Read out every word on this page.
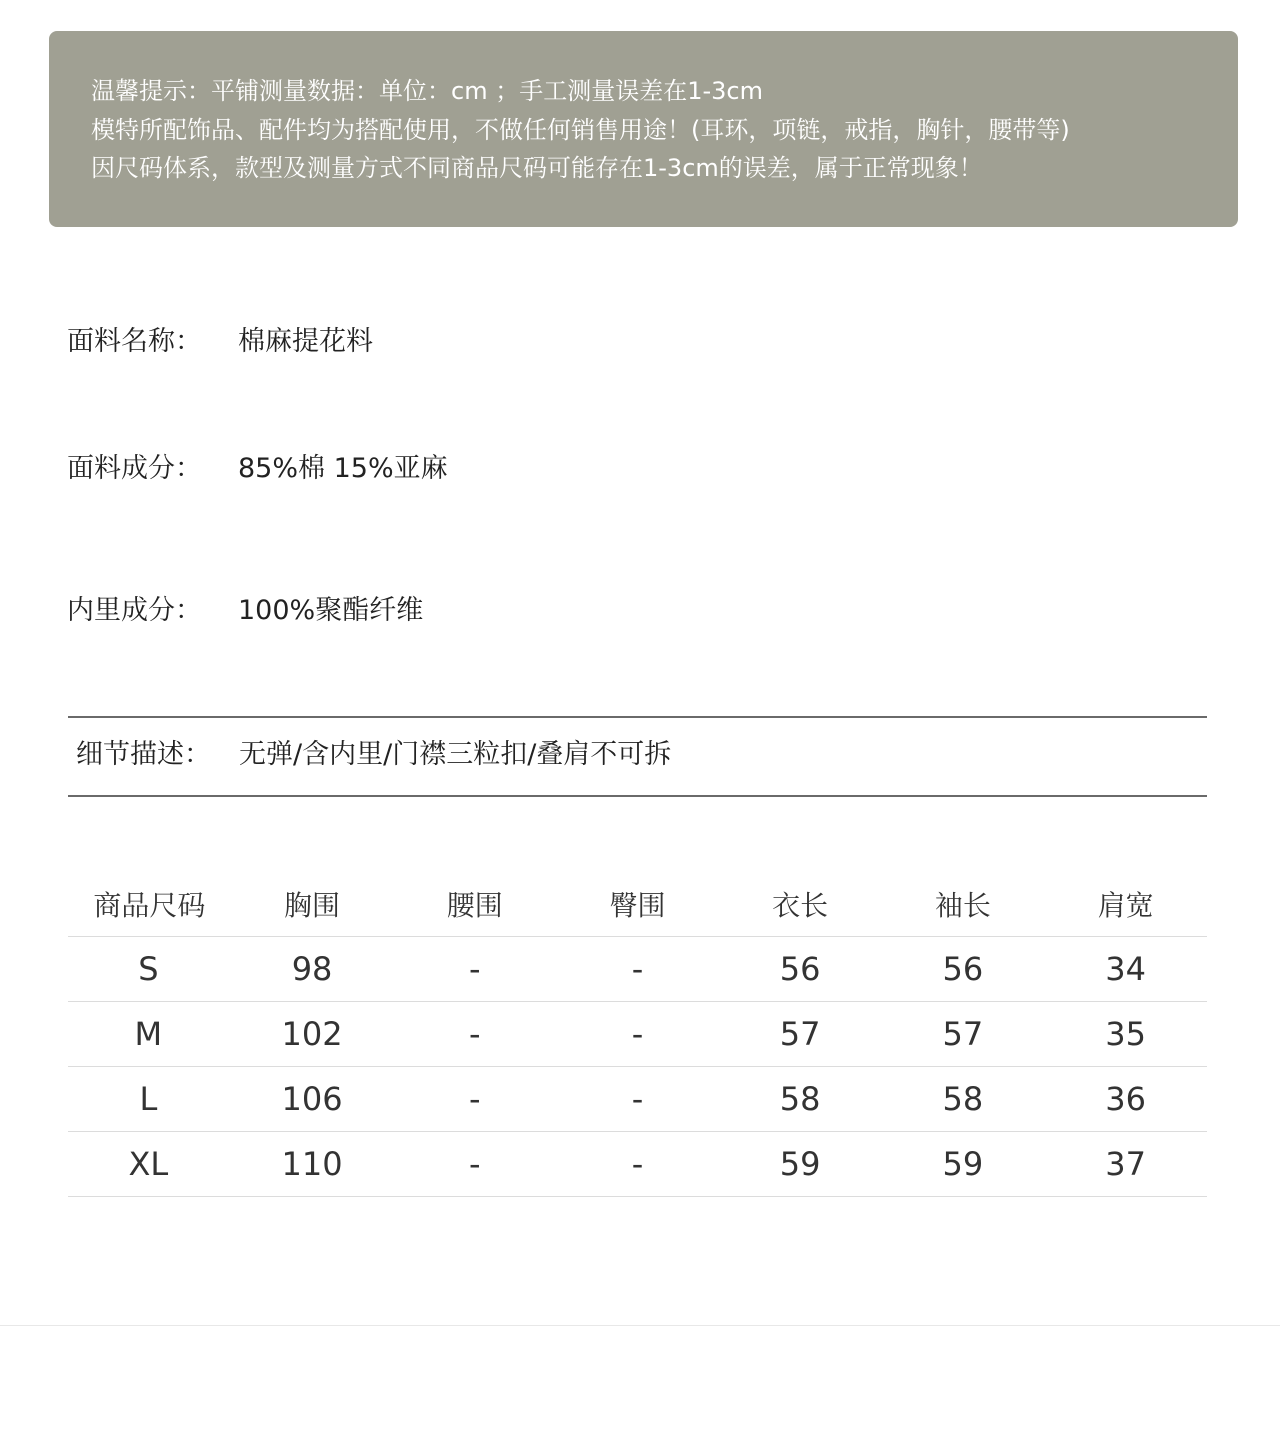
温馨提示：平铺测量数据：单位：cm ；手工测量误差在1-3cm
模特所配饰品、配件均为搭配使用，不做任何销售用途！(耳环，项链，戒指，胸针，腰带等)
因尺码体系，款型及测量方式不同商品尺码可能存在1-3cm的误差，属于正常现象！
面料名称： 棉麻提花料
面料成分： 85%棉 15%亚麻
内里成分： 100%聚酯纤维
细节描述： 无弹/含内里/门襟三粒扣/叠肩不可拆
商品尺码	胸围	腰围	臀围	衣长	袖长	肩宽
S	98	-	-	56	56	34
M	102	-	-	57	57	35
L	106	-	-	58	58	36
XL	110	-	-	59	59	37
